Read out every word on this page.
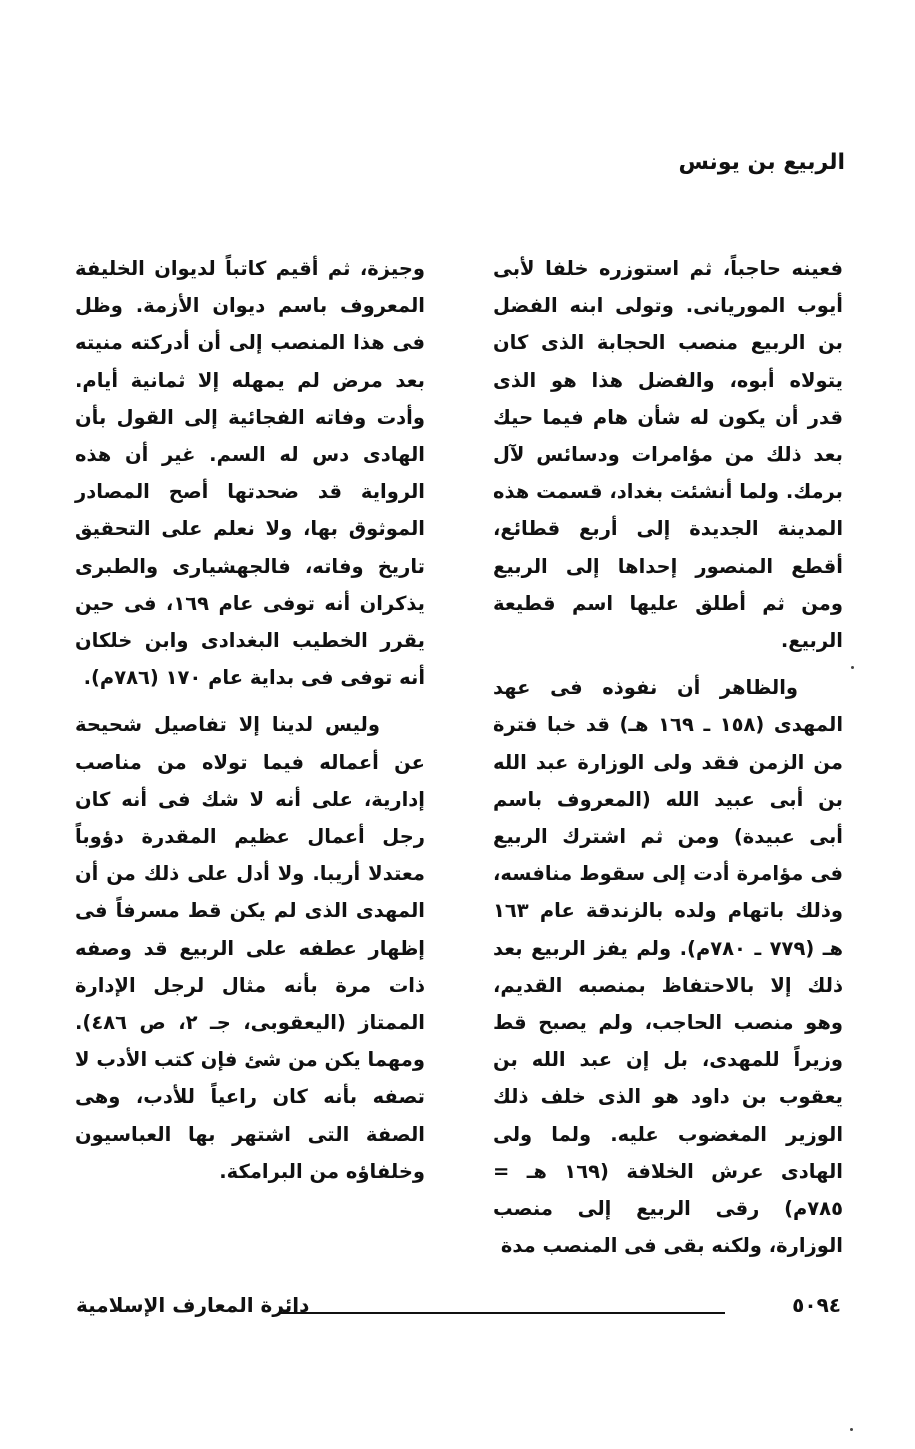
الربيع بن يونس

فعينه حاجباً، ثم استوزره خلفا لأبى أيوب الموريانى. وتولى ابنه الفضل بن الربيع منصب الحجابة الذى كان يتولاه أبوه، والفضل هذا هو الذى قدر أن يكون له شأن هام فيما حيك بعد ذلك من مؤامرات ودسائس لآل برمك. ولما أنشئت بغداد، قسمت هذه المدينة الجديدة إلى أربع قطائع، أقطع المنصور إحداها إلى الربيع ومن ثم أطلق عليها اسم قطيعة الربيع.

والظاهر أن نفوذه فى عهد المهدى (١٥٨ ـ ١٦٩ هـ) قد خبا فترة من الزمن فقد ولى الوزارة عبد الله بن أبى عبيد الله (المعروف باسم أبى عبيدة) ومن ثم اشترك الربيع فى مؤامرة أدت إلى سقوط منافسه، وذلك باتهام ولده بالزندقة عام ١٦٣ هـ (٧٧٩ ـ ٧٨٠م). ولم يفز الربيع بعد ذلك إلا بالاحتفاظ بمنصبه القديم، وهو منصب الحاجب، ولم يصبح قط وزيراً للمهدى، بل إن عبد الله بن يعقوب بن داود هو الذى خلف ذلك الوزير المغضوب عليه. ولما ولى الهادى عرش الخلافة (١٦٩ هـ = ٧٨٥م) رقى الربيع إلى منصب الوزارة، ولكنه بقى فى المنصب مدة

وجيزة، ثم أقيم كاتباً لديوان الخليفة المعروف باسم ديوان الأزمة. وظل فى هذا المنصب إلى أن أدركته منيته بعد مرض لم يمهله إلا ثمانية أيام. وأدت وفاته الفجائية إلى القول بأن الهادى دس له السم. غير أن هذه الرواية قد ضحدتها أصح المصادر الموثوق بها، ولا نعلم على التحقيق تاريخ وفاته، فالجهشيارى والطبرى يذكران أنه توفى عام ١٦٩، فى حين يقرر الخطيب البغدادى وابن خلكان أنه توفى فى بداية عام ١٧٠ (٧٨٦م).

وليس لدينا إلا تفاصيل شحيحة عن أعماله فيما تولاه من مناصب إدارية، على أنه لا شك فى أنه كان رجل أعمال عظيم المقدرة دؤوباً معتدلا أريبا. ولا أدل على ذلك من أن المهدى الذى لم يكن قط مسرفاً فى إظهار عطفه على الربيع قد وصفه ذات مرة بأنه مثال لرجل الإدارة الممتاز (اليعقوبى، جـ ٢، ص ٤٨٦). ومهما يكن من شئ فإن كتب الأدب لا تصفه بأنه كان راعياً للأدب، وهى الصفة التى اشتهر بها العباسيون وخلفاؤه من البرامكة.

دائرة المعارف الإسلامية	٥٠٩٤
